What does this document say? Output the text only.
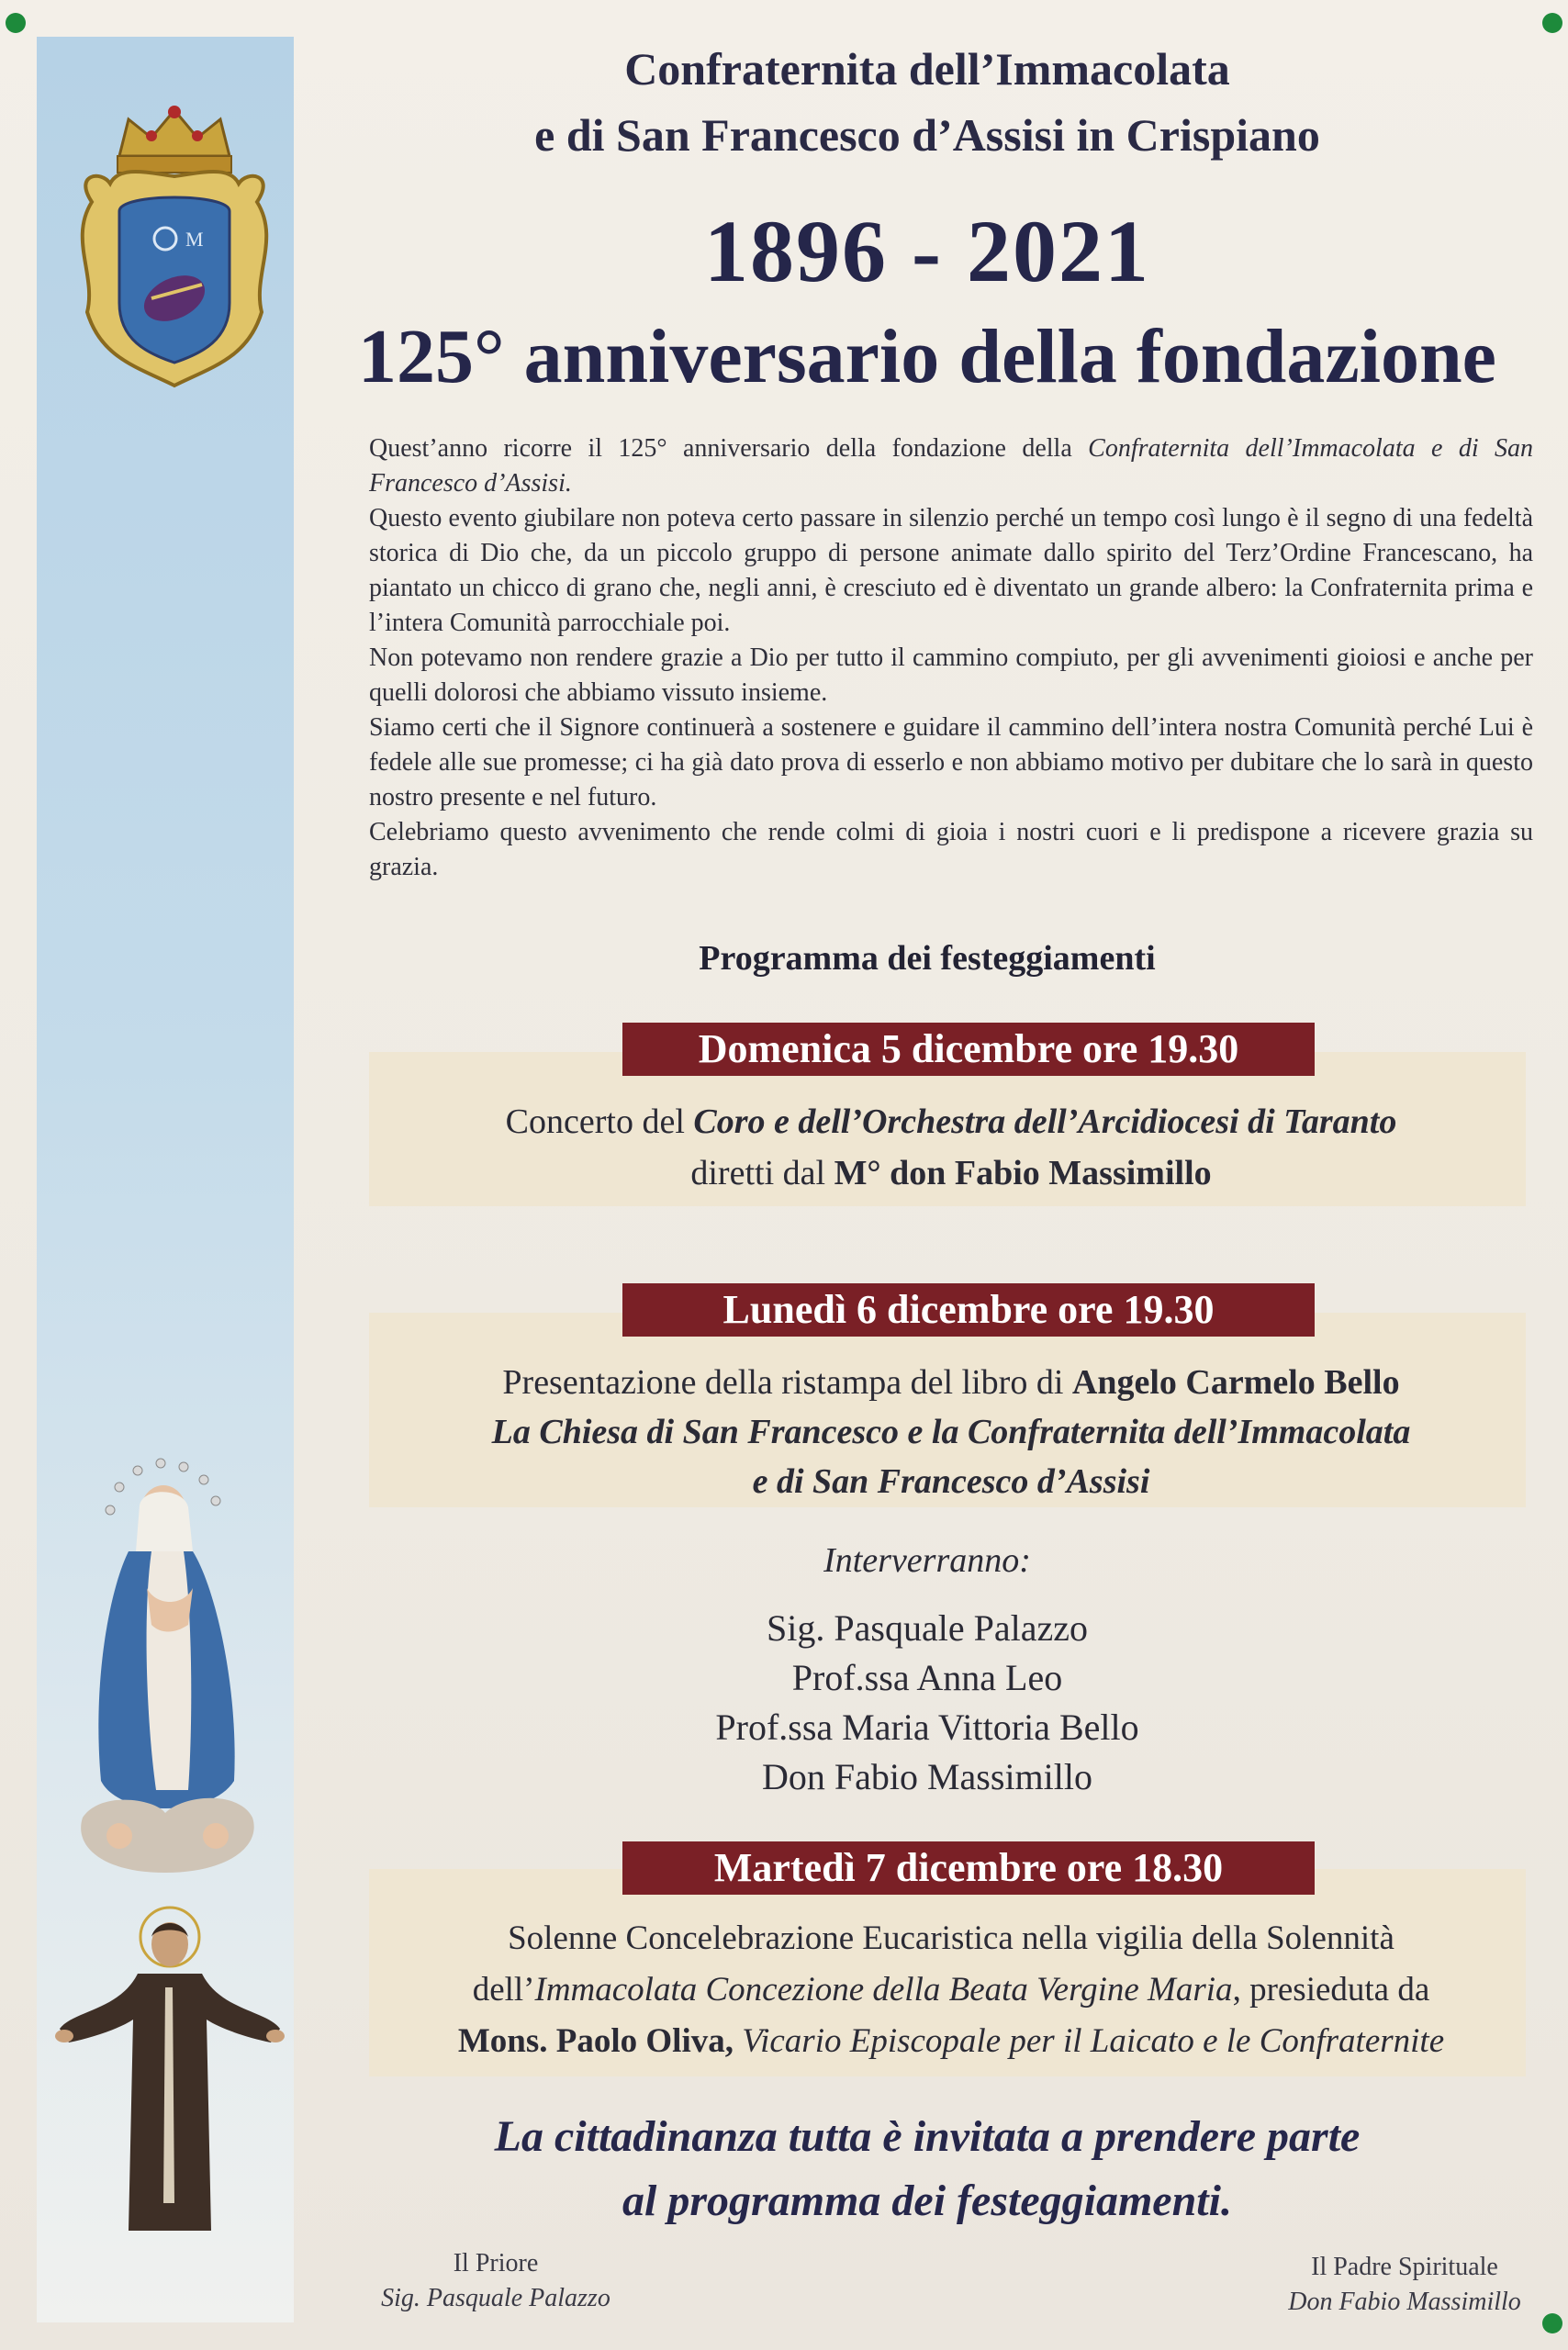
M
Confraternita dell’Immacolata
e di San Francesco d’Assisi in Crispiano
1896 - 2021
125° anniversario della fondazione

Quest’anno ricorre il 125° anniversario della fondazione della Confraternita dell’Immacolata e di San Francesco d’Assisi.

Questo evento giubilare non poteva certo passare in silenzio perché un tempo così lungo è il segno di una fedeltà storica di Dio che, da un piccolo gruppo di persone animate dallo spirito del Terz’Ordine Francescano, ha piantato un chicco di grano che, negli anni, è cresciuto ed è diventato un grande albero: la Confraternita prima e l’intera Comunità parrocchiale poi.

Non potevamo non rendere grazie a Dio per tutto il cammino compiuto, per gli avvenimenti gioiosi e anche per quelli dolorosi che abbiamo vissuto insieme.

Siamo certi che il Signore continuerà a sostenere e guidare il cammino dell’intera nostra Comunità perché Lui è fedele alle sue promesse; ci ha già dato prova di esserlo e non abbiamo motivo per dubitare che lo sarà in questo nostro presente e nel futuro.

Celebriamo questo avvenimento che rende colmi di gioia i nostri cuori e li predispone a ricevere grazia su grazia.

Programma dei festeggiamenti
Domenica 5 dicembre ore 19.30
Concerto del Coro e dell’Orchestra dell’Arcidiocesi di Taranto
diretti dal M° don Fabio Massimillo
Lunedì 6 dicembre ore 19.30
Presentazione della ristampa del libro di Angelo Carmelo Bello
La Chiesa di San Francesco e la Confraternita dell’Immacolata
e di San Francesco d’Assisi
Interverranno:
Sig. Pasquale Palazzo
Prof.ssa Anna Leo
Prof.ssa Maria Vittoria Bello
Don Fabio Massimillo
Martedì 7 dicembre ore 18.30
Solenne Concelebrazione Eucaristica nella vigilia della Solennità
dell’Immacolata Concezione della Beata Vergine Maria, presieduta da
Mons. Paolo Oliva, Vicario Episcopale per il Laicato e le Confraternite
La cittadinanza tutta è invitata a prendere parte
al programma dei festeggiamenti.
Il Priore
Sig. Pasquale Palazzo
Il Padre Spirituale
Don Fabio Massimillo
